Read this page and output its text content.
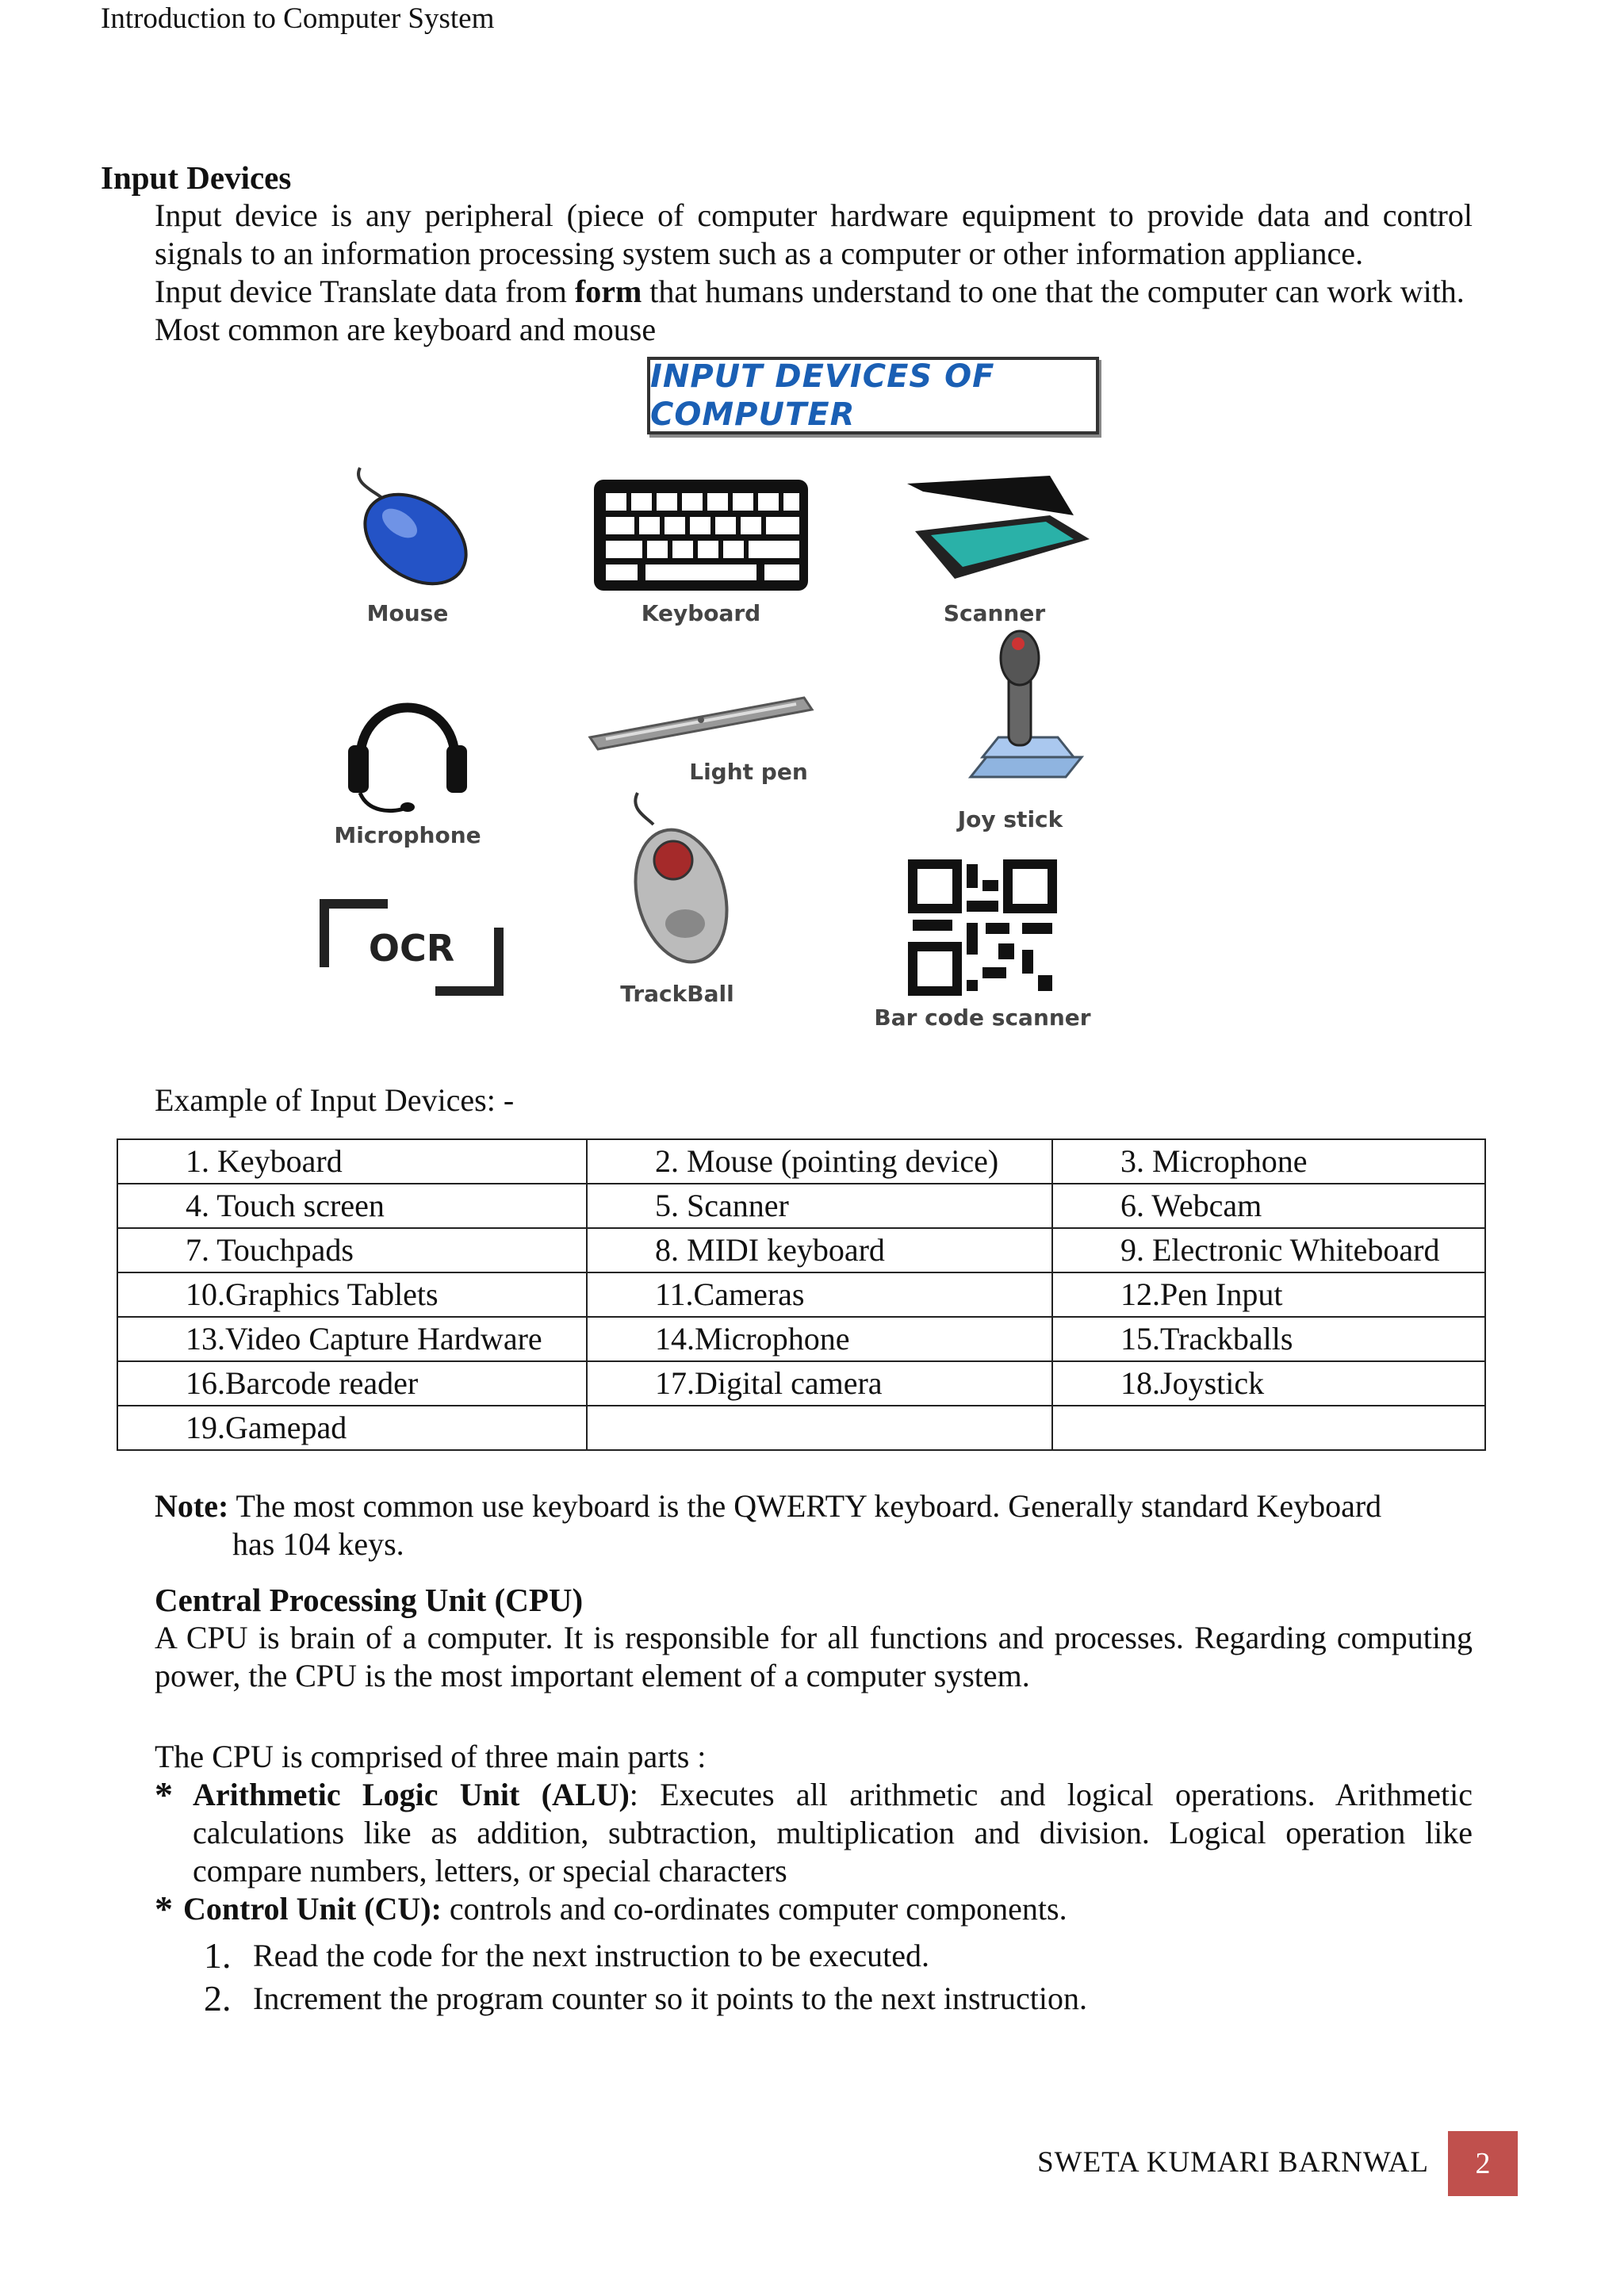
Introduction to Computer System
Input Devices

Input device is any peripheral (piece of computer hardware equipment to provide data and control signals to an information processing system such as a computer or other information appliance.

Input device Translate data from form that humans understand to one that the computer can work with.

Most common are keyboard and mouse

INPUT DEVICES OF COMPUTER
Mouse	Keyboard	Scanner
Microphone
Light pen
Joy stick
OCR
TrackBall
Bar code scanner
Example of Input Devices: -
1. Keyboard	2. Mouse (pointing device)	3. Microphone
4. Touch screen	5. Scanner	6. Webcam
7. Touchpads	8. MIDI keyboard	9. Electronic Whiteboard
10.Graphics Tablets	11.Cameras	12.Pen Input
13.Video Capture Hardware	14.Microphone	15.Trackballs
16.Barcode reader	17.Digital camera	18.Joystick
19.Gamepad		
Note: The most common use keyboard is the QWERTY keyboard. Generally standard Keyboard
has 104 keys.
Central Processing Unit (CPU)

A CPU is brain of a computer. It is responsible for all functions and processes. Regarding computing power, the CPU is the most important element of a computer system.

The CPU is comprised of three main parts :

* Arithmetic Logic Unit (ALU): Executes all arithmetic and logical operations. Arithmetic calculations like as addition, subtraction, multiplication and division. Logical operation like compare numbers, letters, or special characters
* Control Unit (CU): controls and co-ordinates computer components.
1. Read the code for the next instruction to be executed.
2. Increment the program counter so it points to the next instruction.
SWETA KUMARI BARNWAL	2
